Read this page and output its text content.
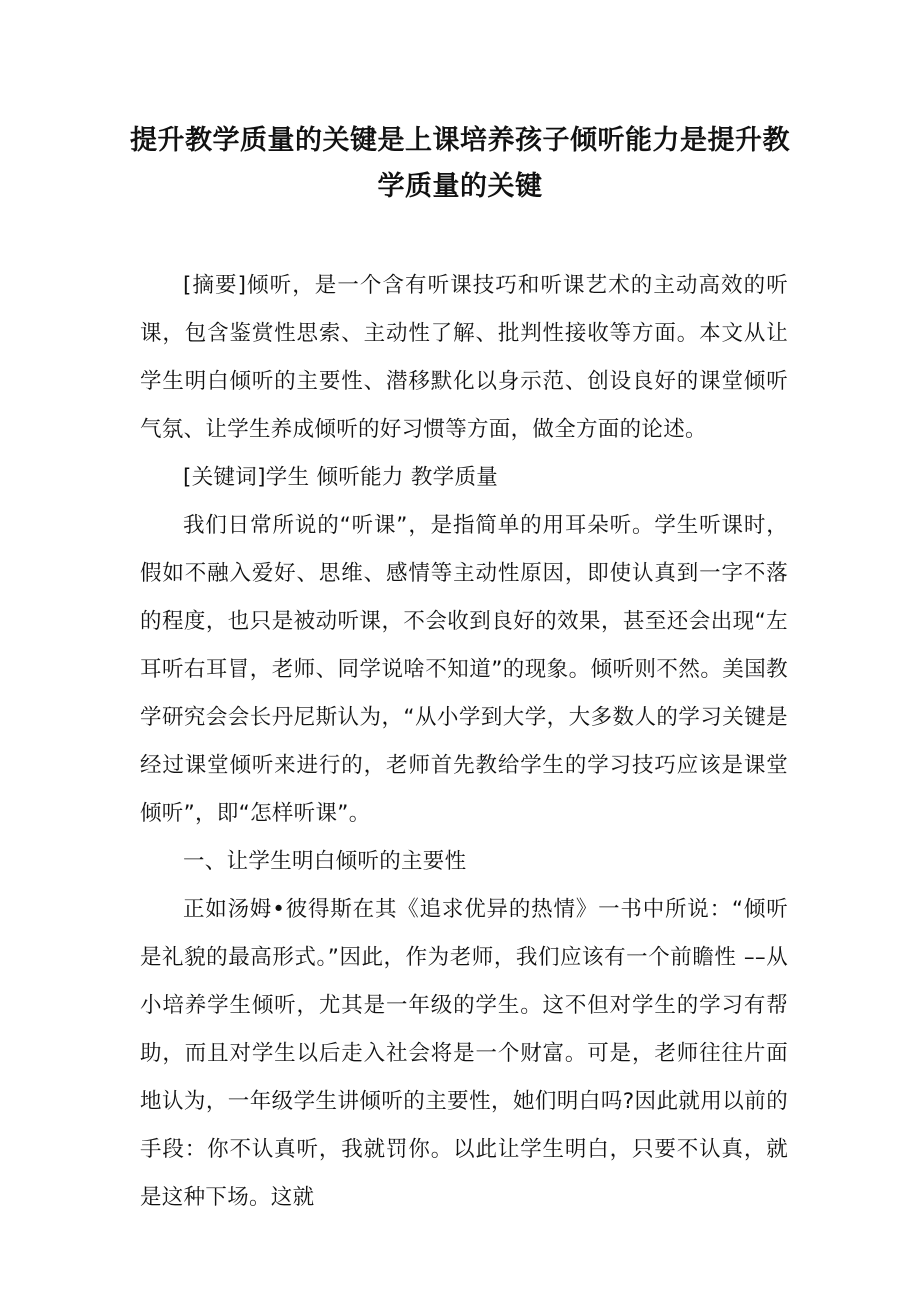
提升教学质量的关键是上课培养孩子倾听能力是提升教学质量的关键

[摘要]倾听，是一个含有听课技巧和听课艺术的主动高效的听课，包含鉴赏性思索、主动性了解、批判性接收等方面。本文从让学生明白倾听的主要性、潜移默化以身示范、创设良好的课堂倾听气氛、让学生养成倾听的好习惯等方面，做全方面的论述。

[关键词]学生 倾听能力 教学质量

我们日常所说的“听课”，是指简单的用耳朵听。学生听课时，假如不融入爱好、思维、感情等主动性原因，即使认真到一字不落的程度，也只是被动听课，不会收到良好的效果，甚至还会出现“左耳听右耳冒，老师、同学说啥不知道”的现象。倾听则不然。美国教学研究会会长丹尼斯认为，“从小学到大学，大多数人的学习关键是经过课堂倾听来进行的，老师首先教给学生的学习技巧应该是课堂倾听”，即“怎样听课”。

一、让学生明白倾听的主要性

正如汤姆•彼得斯在其《追求优异的热情》一书中所说：“倾听是礼貌的最高形式。”因此，作为老师，我们应该有一个前瞻性 ––从小培养学生倾听，尤其是一年级的学生。这不但对学生的学习有帮助，而且对学生以后走入社会将是一个财富。可是，老师往往片面地认为，一年级学生讲倾听的主要性，她们明白吗?因此就用以前的手段：你不认真听，我就罚你。以此让学生明白，只要不认真，就是这种下场。这就
